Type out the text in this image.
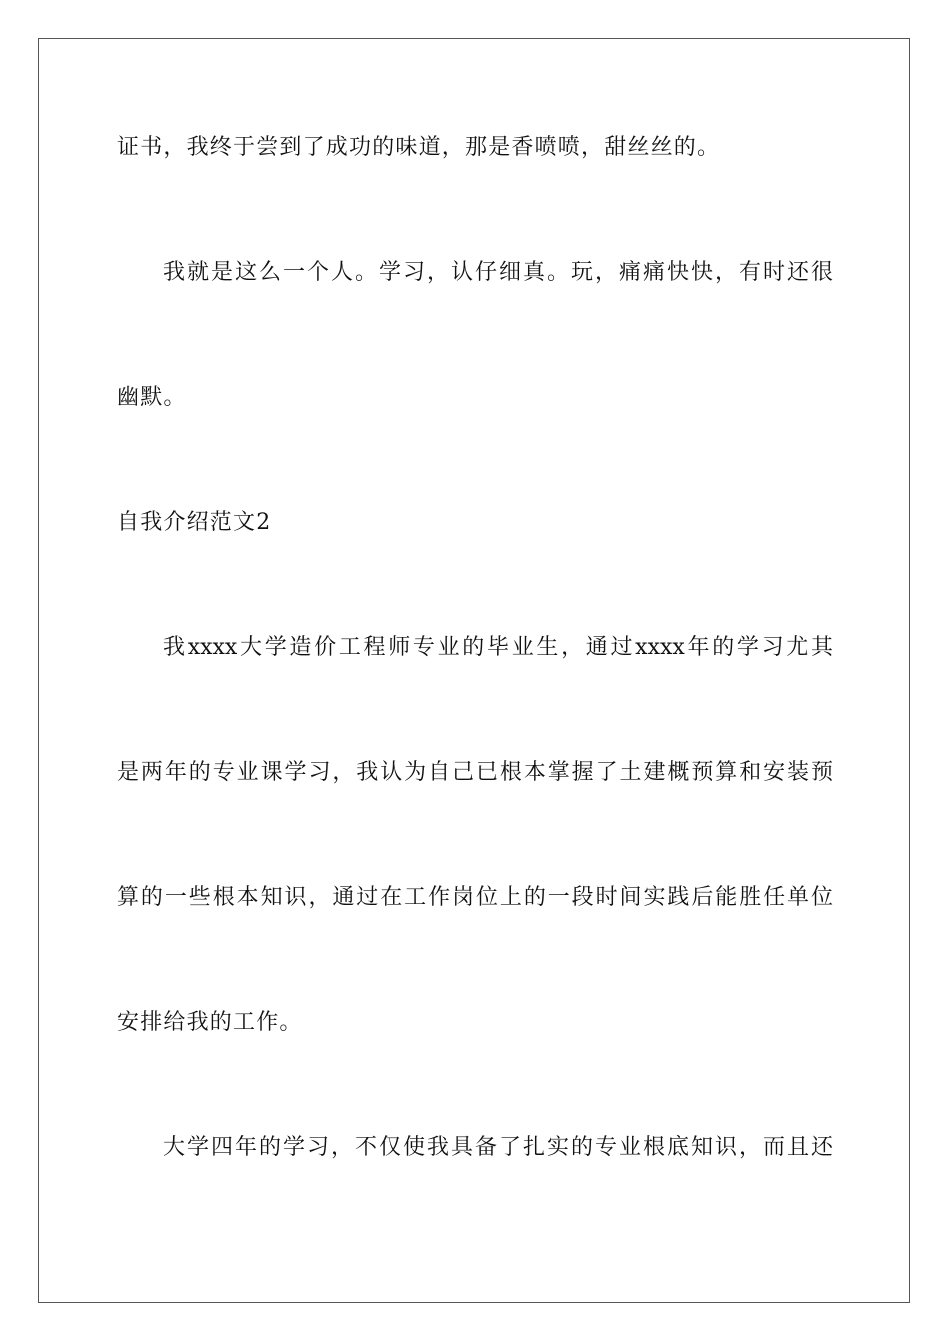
证书，我终于尝到了成功的味道，那是香喷喷，甜丝丝的。
我就是这么一个人。学习，认仔细真。玩，痛痛快快，有时还很
幽默。
自我介绍范文2
我xxxx大学造价工程师专业的毕业生，通过xxxx年的学习尤其
是两年的专业课学习，我认为自己已根本掌握了土建概预算和安装预
算的一些根本知识，通过在工作岗位上的一段时间实践后能胜任单位
安排给我的工作。
大学四年的学习，不仅使我具备了扎实的专业根底知识，而且还
